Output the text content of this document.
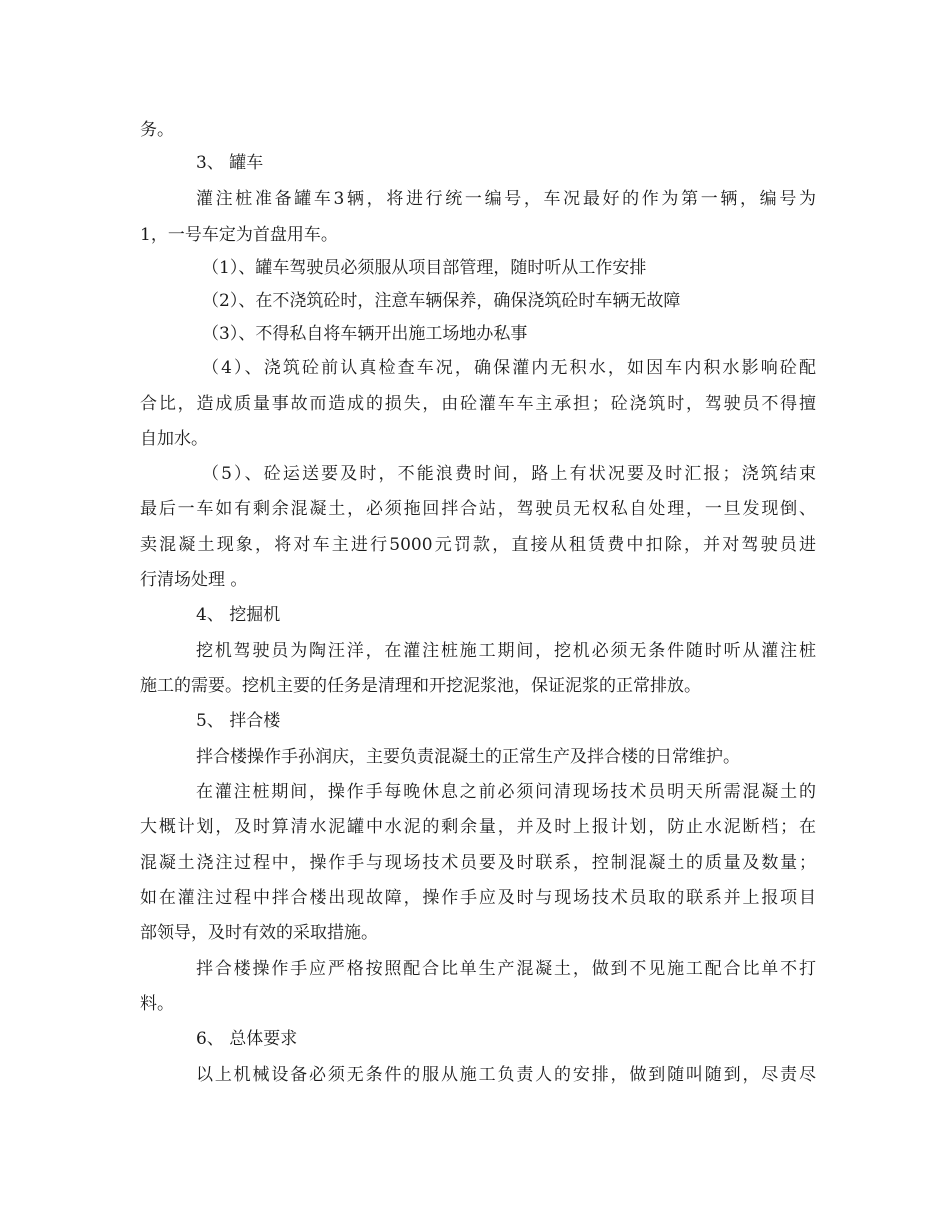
务。
3、 罐车
灌注桩准备罐车3辆，将进行统一编号，车况最好的作为第一辆，编号为
1，一号车定为首盘用车。
（1）、罐车驾驶员必须服从项目部管理，随时听从工作安排
（2）、在不浇筑砼时，注意车辆保养，确保浇筑砼时车辆无故障
（3）、不得私自将车辆开出施工场地办私事
（4）、浇筑砼前认真检查车况，确保灌内无积水，如因车内积水影响砼配
合比，造成质量事故而造成的损失，由砼灌车车主承担；砼浇筑时，驾驶员不得擅
自加水。
（5）、砼运送要及时，不能浪费时间，路上有状况要及时汇报；浇筑结束
最后一车如有剩余混凝土，必须拖回拌合站，驾驶员无权私自处理，一旦发现倒、
卖混凝土现象，将对车主进行5000元罚款，直接从租赁费中扣除，并对驾驶员进
行清场处理 。
4、 挖掘机
挖机驾驶员为陶汪洋，在灌注桩施工期间，挖机必须无条件随时听从灌注桩
施工的需要。挖机主要的任务是清理和开挖泥浆池，保证泥浆的正常排放。
5、 拌合楼
拌合楼操作手孙润庆，主要负责混凝土的正常生产及拌合楼的日常维护。
在灌注桩期间，操作手每晚休息之前必须问清现场技术员明天所需混凝土的
大概计划，及时算清水泥罐中水泥的剩余量，并及时上报计划，防止水泥断档；在
混凝土浇注过程中，操作手与现场技术员要及时联系，控制混凝土的质量及数量；
如在灌注过程中拌合楼出现故障，操作手应及时与现场技术员取的联系并上报项目
部领导，及时有效的采取措施。
拌合楼操作手应严格按照配合比单生产混凝土，做到不见施工配合比单不打
料。
6、 总体要求
以上机械设备必须无条件的服从施工负责人的安排，做到随叫随到，尽责尽
